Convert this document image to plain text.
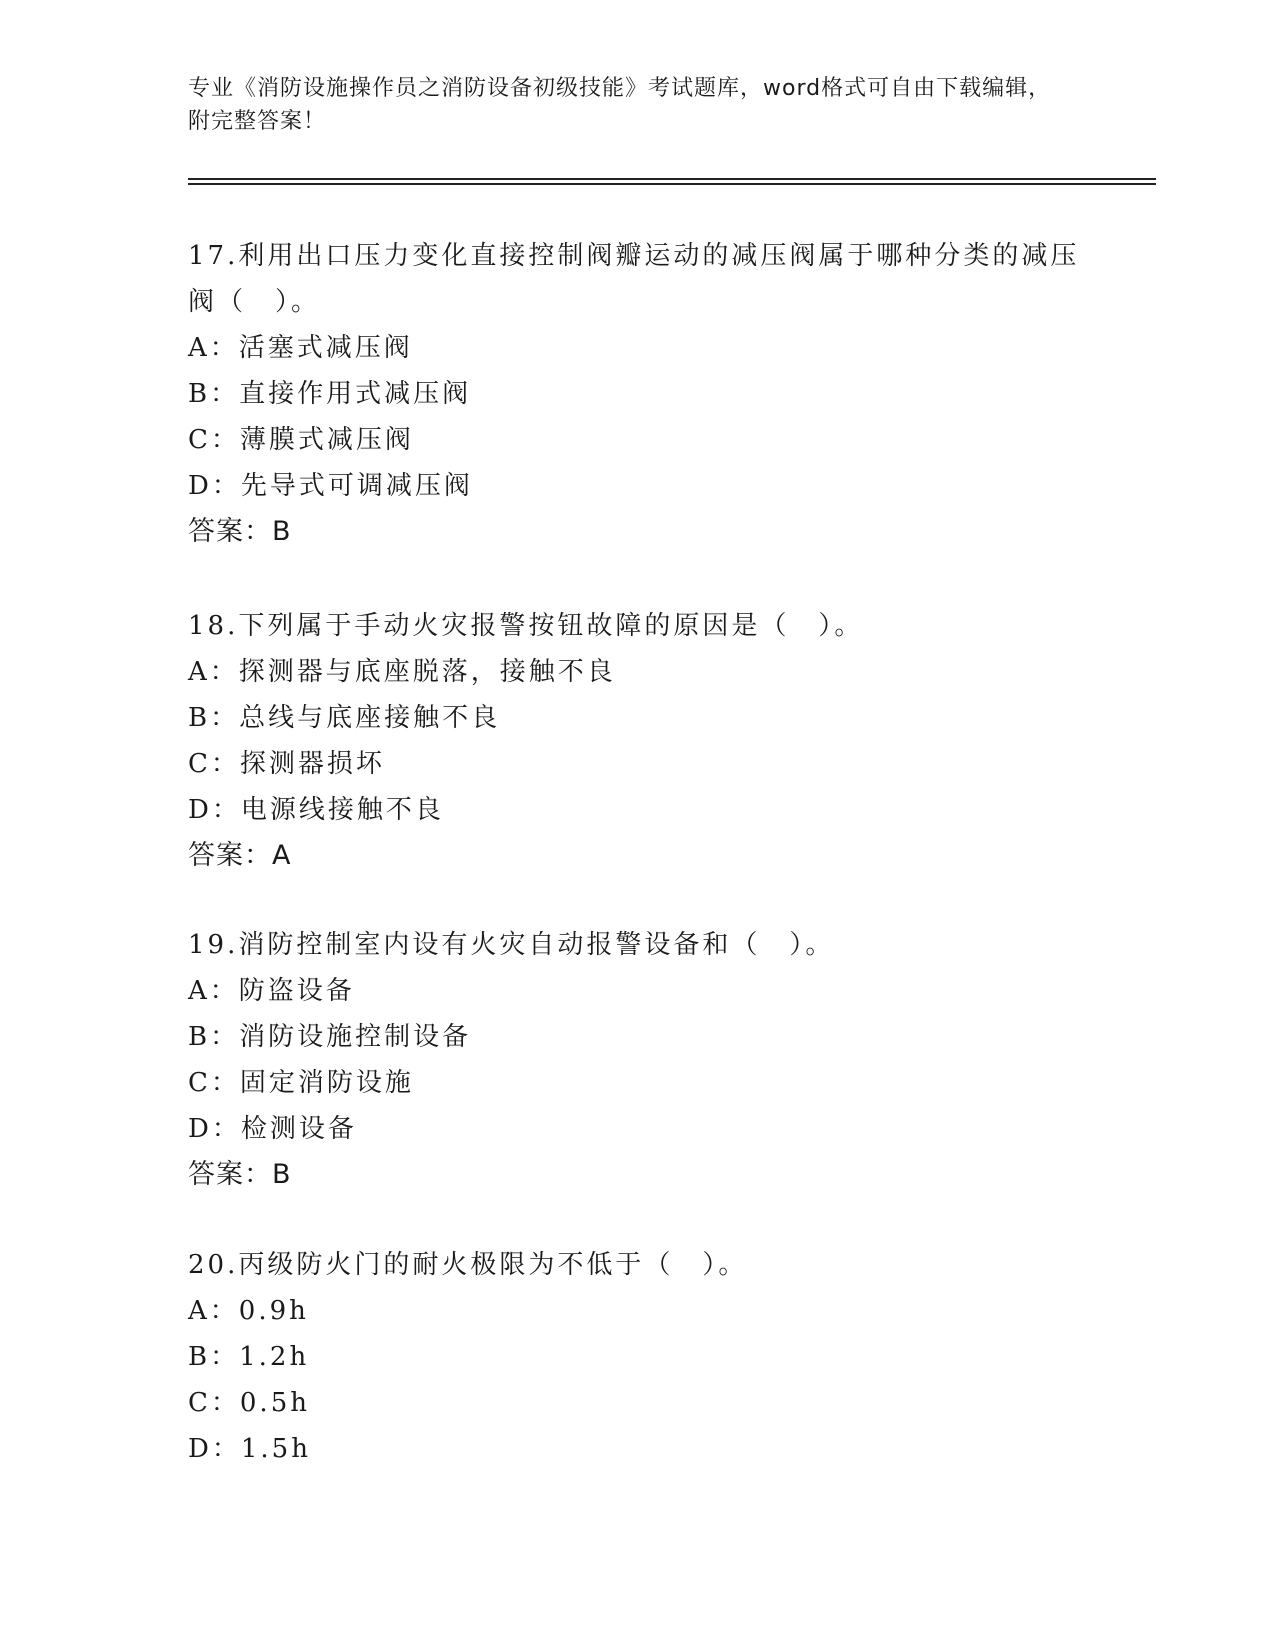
专业《消防设施操作员之消防设备初级技能》考试题库，word格式可自由下载编辑，附完整答案！
17.利用出口压力变化直接控制阀瓣运动的减压阀属于哪种分类的减压阀（　）。
A：活塞式减压阀
B：直接作用式减压阀
C：薄膜式减压阀
D：先导式可调减压阀
答案：B
18.下列属于手动火灾报警按钮故障的原因是（　）。
A：探测器与底座脱落，接触不良
B：总线与底座接触不良
C：探测器损坏
D：电源线接触不良
答案：A
19.消防控制室内设有火灾自动报警设备和（　）。
A：防盗设备
B：消防设施控制设备
C：固定消防设施
D：检测设备
答案：B
20.丙级防火门的耐火极限为不低于（　）。
A：0.9h
B：1.2h
C：0.5h
D：1.5h
